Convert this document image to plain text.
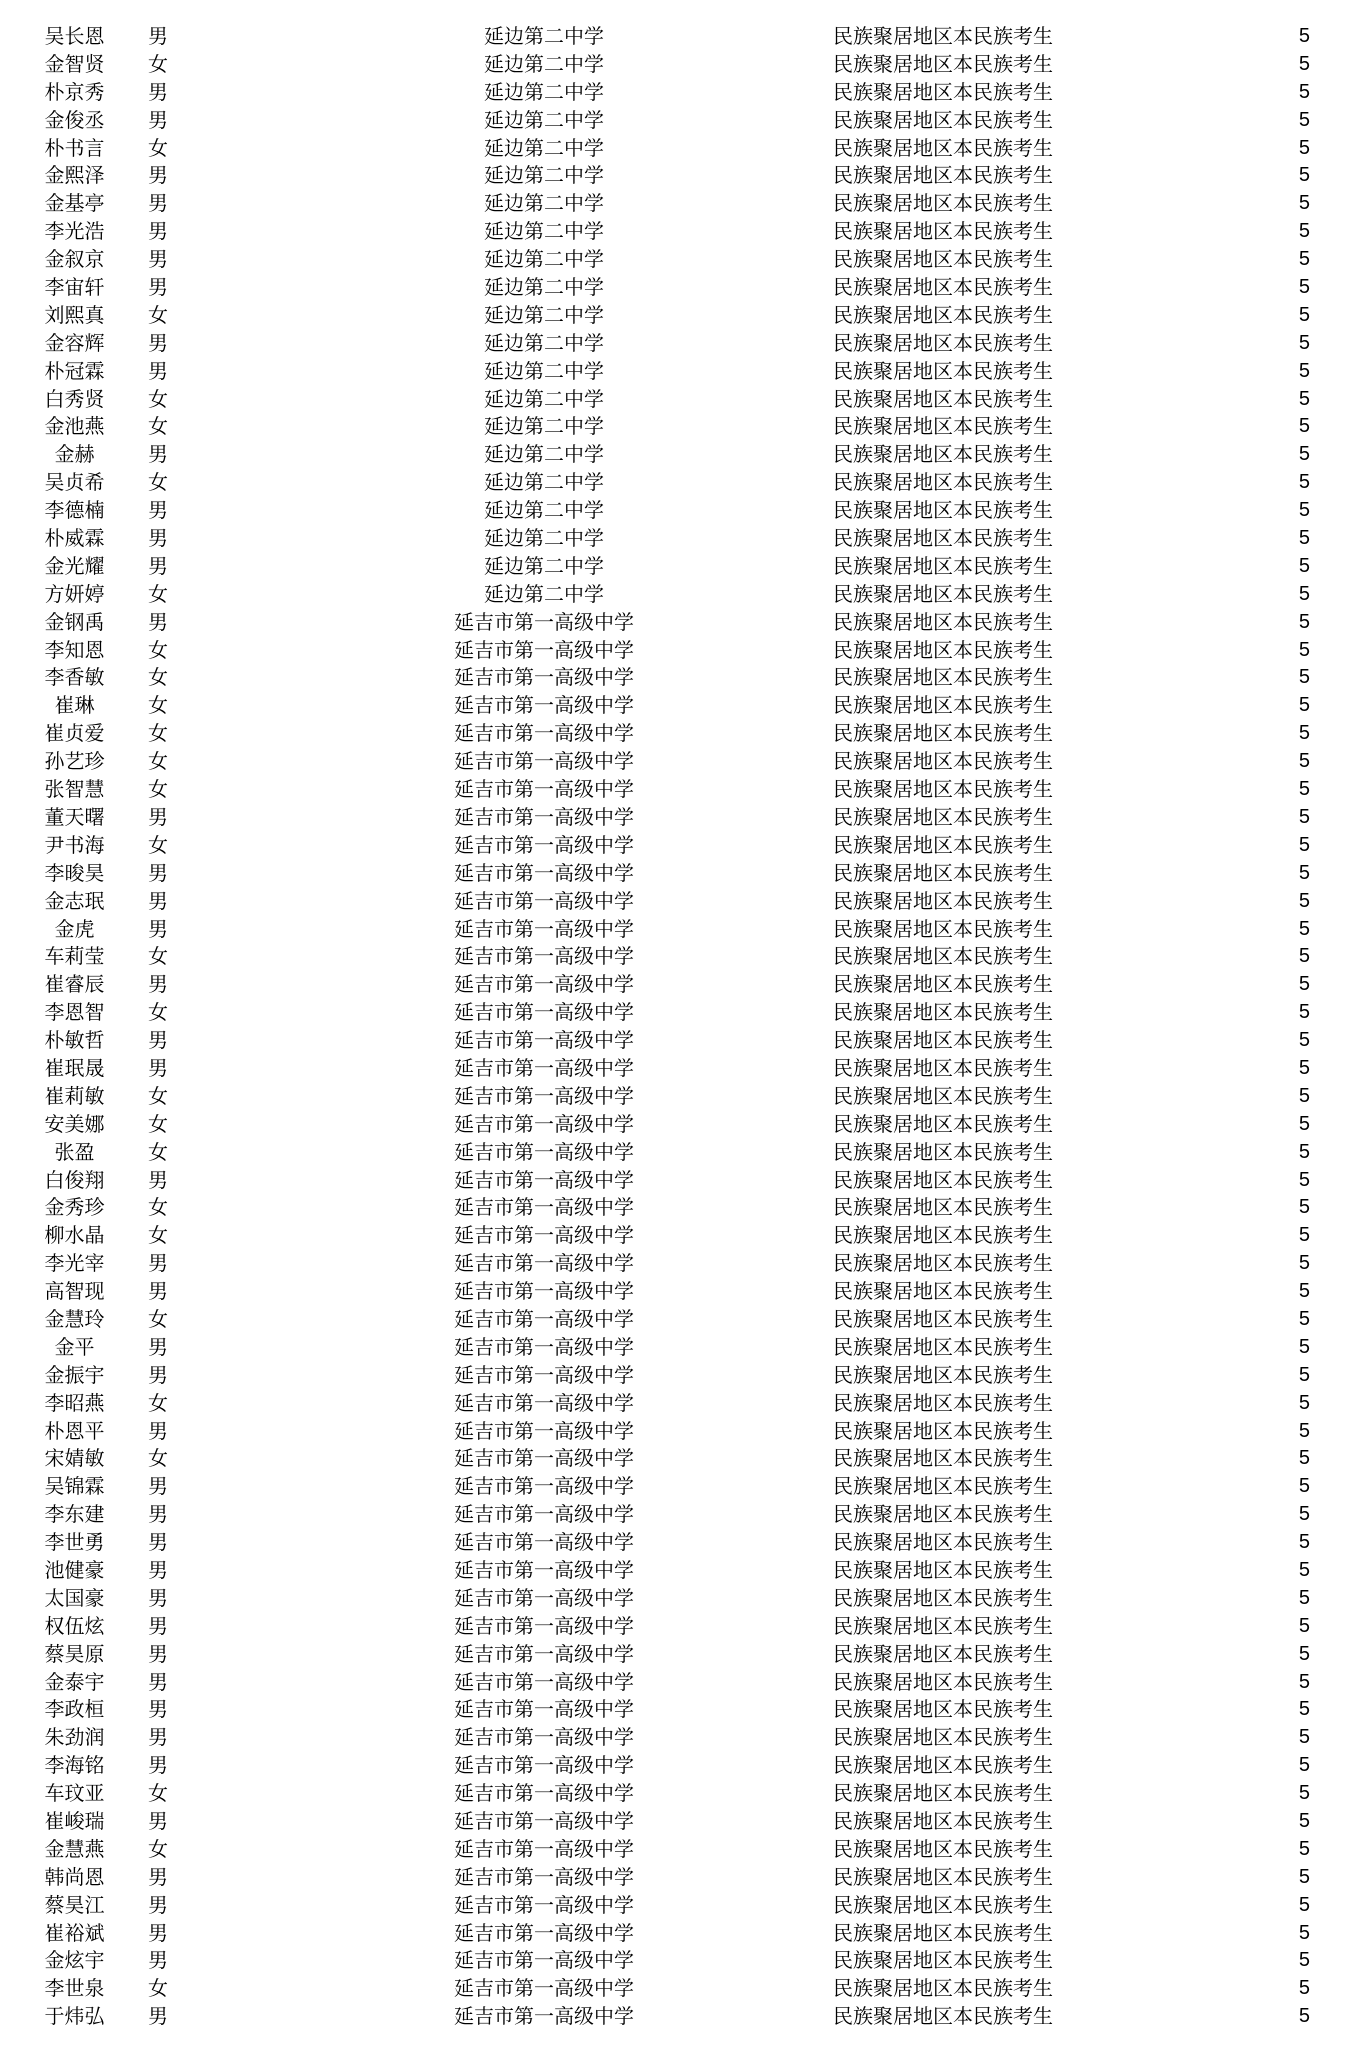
吴长恩	男	延边第二中学	民族聚居地区本民族考生	5
金智贤	女	延边第二中学	民族聚居地区本民族考生	5
朴京秀	男	延边第二中学	民族聚居地区本民族考生	5
金俊丞	男	延边第二中学	民族聚居地区本民族考生	5
朴书言	女	延边第二中学	民族聚居地区本民族考生	5
金熙泽	男	延边第二中学	民族聚居地区本民族考生	5
金基亭	男	延边第二中学	民族聚居地区本民族考生	5
李光浩	男	延边第二中学	民族聚居地区本民族考生	5
金叙京	男	延边第二中学	民族聚居地区本民族考生	5
李宙轩	男	延边第二中学	民族聚居地区本民族考生	5
刘熙真	女	延边第二中学	民族聚居地区本民族考生	5
金容辉	男	延边第二中学	民族聚居地区本民族考生	5
朴冠霖	男	延边第二中学	民族聚居地区本民族考生	5
白秀贤	女	延边第二中学	民族聚居地区本民族考生	5
金池燕	女	延边第二中学	民族聚居地区本民族考生	5
金赫	男	延边第二中学	民族聚居地区本民族考生	5
吴贞希	女	延边第二中学	民族聚居地区本民族考生	5
李德楠	男	延边第二中学	民族聚居地区本民族考生	5
朴威霖	男	延边第二中学	民族聚居地区本民族考生	5
金光耀	男	延边第二中学	民族聚居地区本民族考生	5
方妍婷	女	延边第二中学	民族聚居地区本民族考生	5
金钢禹	男	延吉市第一高级中学	民族聚居地区本民族考生	5
李知恩	女	延吉市第一高级中学	民族聚居地区本民族考生	5
李香敏	女	延吉市第一高级中学	民族聚居地区本民族考生	5
崔琳	女	延吉市第一高级中学	民族聚居地区本民族考生	5
崔贞爱	女	延吉市第一高级中学	民族聚居地区本民族考生	5
孙艺珍	女	延吉市第一高级中学	民族聚居地区本民族考生	5
张智慧	女	延吉市第一高级中学	民族聚居地区本民族考生	5
董天曙	男	延吉市第一高级中学	民族聚居地区本民族考生	5
尹书海	女	延吉市第一高级中学	民族聚居地区本民族考生	5
李晙昊	男	延吉市第一高级中学	民族聚居地区本民族考生	5
金志珉	男	延吉市第一高级中学	民族聚居地区本民族考生	5
金虎	男	延吉市第一高级中学	民族聚居地区本民族考生	5
车莉莹	女	延吉市第一高级中学	民族聚居地区本民族考生	5
崔睿辰	男	延吉市第一高级中学	民族聚居地区本民族考生	5
李恩智	女	延吉市第一高级中学	民族聚居地区本民族考生	5
朴敏哲	男	延吉市第一高级中学	民族聚居地区本民族考生	5
崔珉晟	男	延吉市第一高级中学	民族聚居地区本民族考生	5
崔莉敏	女	延吉市第一高级中学	民族聚居地区本民族考生	5
安美娜	女	延吉市第一高级中学	民族聚居地区本民族考生	5
张盈	女	延吉市第一高级中学	民族聚居地区本民族考生	5
白俊翔	男	延吉市第一高级中学	民族聚居地区本民族考生	5
金秀珍	女	延吉市第一高级中学	民族聚居地区本民族考生	5
柳水晶	女	延吉市第一高级中学	民族聚居地区本民族考生	5
李光宰	男	延吉市第一高级中学	民族聚居地区本民族考生	5
高智现	男	延吉市第一高级中学	民族聚居地区本民族考生	5
金慧玲	女	延吉市第一高级中学	民族聚居地区本民族考生	5
金平	男	延吉市第一高级中学	民族聚居地区本民族考生	5
金振宇	男	延吉市第一高级中学	民族聚居地区本民族考生	5
李昭燕	女	延吉市第一高级中学	民族聚居地区本民族考生	5
朴恩平	男	延吉市第一高级中学	民族聚居地区本民族考生	5
宋婧敏	女	延吉市第一高级中学	民族聚居地区本民族考生	5
吴锦霖	男	延吉市第一高级中学	民族聚居地区本民族考生	5
李东建	男	延吉市第一高级中学	民族聚居地区本民族考生	5
李世勇	男	延吉市第一高级中学	民族聚居地区本民族考生	5
池健豪	男	延吉市第一高级中学	民族聚居地区本民族考生	5
太国豪	男	延吉市第一高级中学	民族聚居地区本民族考生	5
权伍炫	男	延吉市第一高级中学	民族聚居地区本民族考生	5
蔡昊原	男	延吉市第一高级中学	民族聚居地区本民族考生	5
金泰宇	男	延吉市第一高级中学	民族聚居地区本民族考生	5
李政桓	男	延吉市第一高级中学	民族聚居地区本民族考生	5
朱劲润	男	延吉市第一高级中学	民族聚居地区本民族考生	5
李海铭	男	延吉市第一高级中学	民族聚居地区本民族考生	5
车玟亚	女	延吉市第一高级中学	民族聚居地区本民族考生	5
崔峻瑞	男	延吉市第一高级中学	民族聚居地区本民族考生	5
金慧燕	女	延吉市第一高级中学	民族聚居地区本民族考生	5
韩尚恩	男	延吉市第一高级中学	民族聚居地区本民族考生	5
蔡昊江	男	延吉市第一高级中学	民族聚居地区本民族考生	5
崔裕斌	男	延吉市第一高级中学	民族聚居地区本民族考生	5
金炫宇	男	延吉市第一高级中学	民族聚居地区本民族考生	5
李世泉	女	延吉市第一高级中学	民族聚居地区本民族考生	5
于炜弘	男	延吉市第一高级中学	民族聚居地区本民族考生	5
